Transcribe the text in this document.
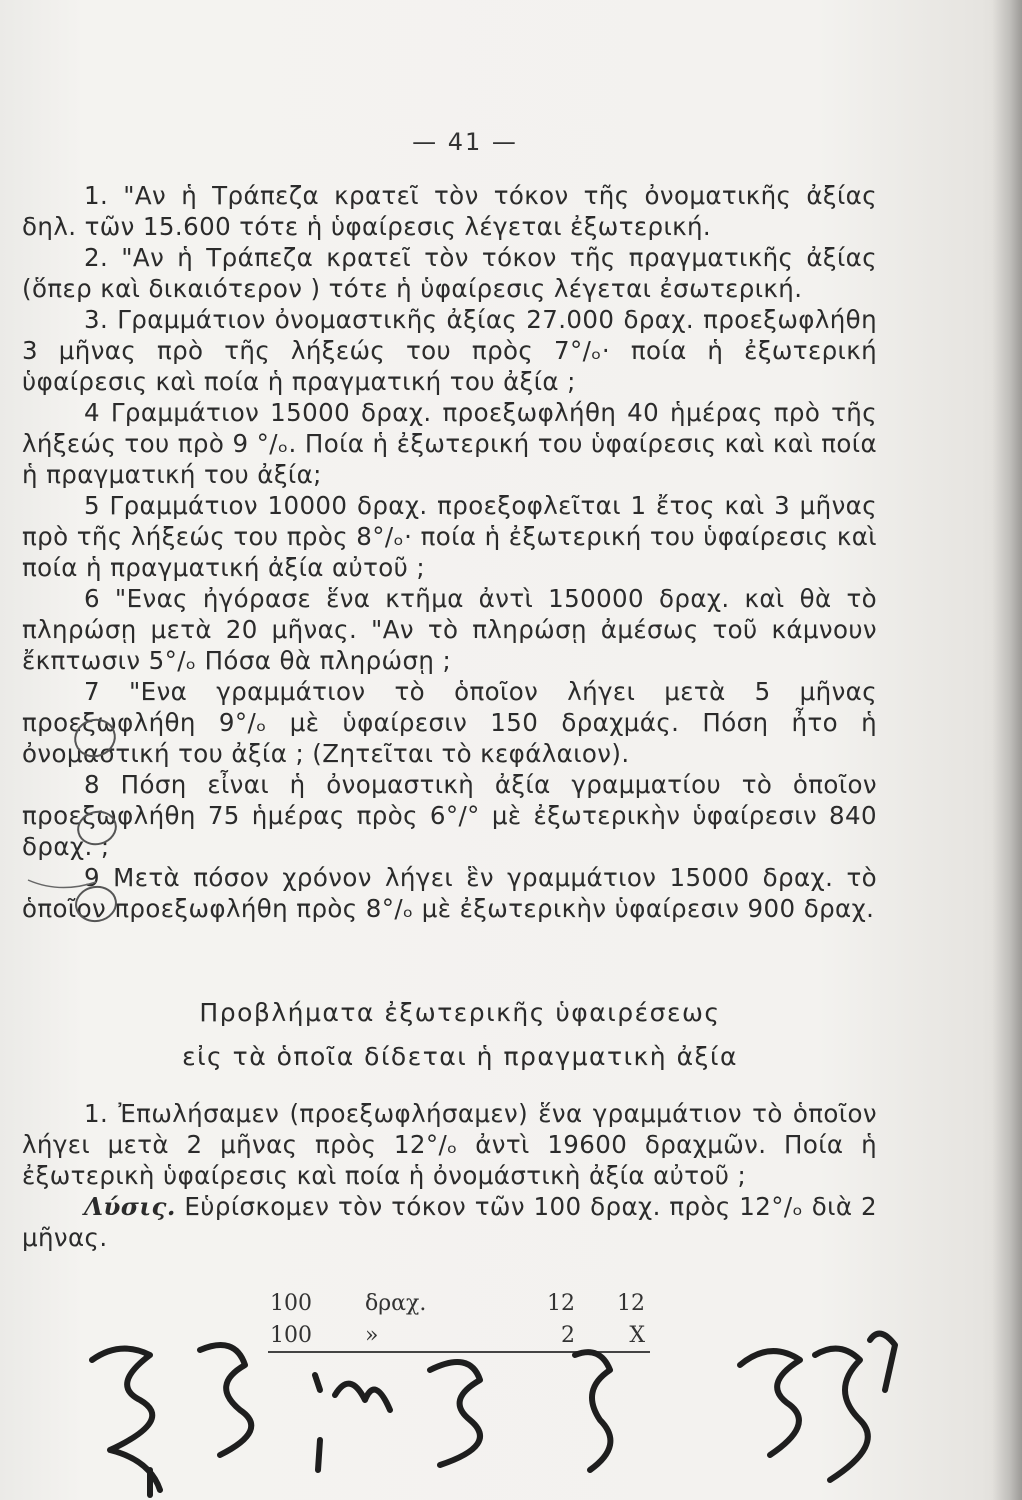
— 41 —

1. "Αν ἡ Τράπεζα κρατεῖ τὸν τόκον τῆς ὀνοματικῆς ἀξίας δηλ. τῶν 15.600 τότε ἡ ὑφαίρεσις λέγεται ἐξωτερική.

2. "Αν ἡ Τράπεζα κρατεῖ τὸν τόκον τῆς πραγματικῆς ἀξίας (ὅπερ καὶ δικαιότερον ) τότε ἡ ὑφαίρεσις λέγεται ἐσωτερική.

3. Γραμμάτιον ὀνομαστικῆς ἀξίας 27.000 δραχ. προεξωφλήθη 3 μῆνας πρὸ τῆς λήξεώς του πρὸς 7°/ₒ· ποία ἡ ἐξωτερική ὑφαίρεσις καὶ ποία ἡ πραγματική του ἀξία ;

4 Γραμμάτιον 15000 δραχ. προεξωφλήθη 40 ἡμέρας πρὸ τῆς λήξεώς του πρὸ 9 °/ₒ. Ποία ἡ ἐξωτερική του ὑφαίρεσις καὶ καὶ ποία ἡ πραγματική του ἀξία;

5 Γραμμάτιον 10000 δραχ. προεξοφλεῖται 1 ἔτος καὶ 3 μῆνας πρὸ τῆς λήξεώς του πρὸς 8°/ₒ· ποία ἡ ἐξωτερική του ὑφαίρεσις καὶ ποία ἡ πραγματική ἀξία αὐτοῦ ;

6 "Ενας ἠγόρασε ἕνα κτῆμα ἀντὶ 150000 δραχ. καὶ θὰ τὸ πληρώσῃ μετὰ 20 μῆνας. "Αν τὸ πληρώσῃ ἀμέσως τοῦ κάμνουν ἔκπτωσιν 5°/ₒ Πόσα θὰ πληρώσῃ ;

7 "Ενα γραμμάτιον τὸ ὁποῖον λήγει μετὰ 5 μῆνας προεξωφλήθη 9°/ₒ μὲ ὑφαίρεσιν 150 δραχμάς. Πόση ἦτο ἡ ὀνομαστική του ἀξία ; (Ζητεῖται τὸ κεφάλαιον).

8 Πόση εἶναι ἡ ὀνομαστικὴ ἀξία γραμματίου τὸ ὁποῖον προεξωφλήθη 75 ἡμέρας πρὸς 6°/° μὲ ἐξωτερικὴν ὑφαίρεσιν 840 δραχ. ;

9 Μετὰ πόσον χρόνον λήγει ἓν γραμμάτιον 15000 δραχ. τὸ ὁποῖον προεξωφλήθη πρὸς 8°/ₒ μὲ ἐξωτερικὴν ὑφαίρεσιν 900 δραχ.

Προβλήματα ἐξωτερικῆς ὑφαιρέσεως
εἰς τὰ ὁποῖα δίδεται ἡ πραγματικὴ ἀξία

1. Ἐπωλήσαμεν (προεξωφλήσαμεν) ἕνα γραμμάτιον τὸ ὁποῖον λήγει μετὰ 2 μῆνας πρὸς 12°/ₒ ἀντὶ 19600 δραχμῶν. Ποία ἡ ἐξωτερικὴ ὑφαίρεσις καὶ ποία ἡ ὀνομάστικὴ ἀξία αὐτοῦ ;

Λύσις. Εὑρίσκομεν τὸν τόκον τῶν 100 δραχ. πρὸς 12°/ₒ διὰ 2 μῆνας.

100	δραχ.	12	12
100	»	2	X
